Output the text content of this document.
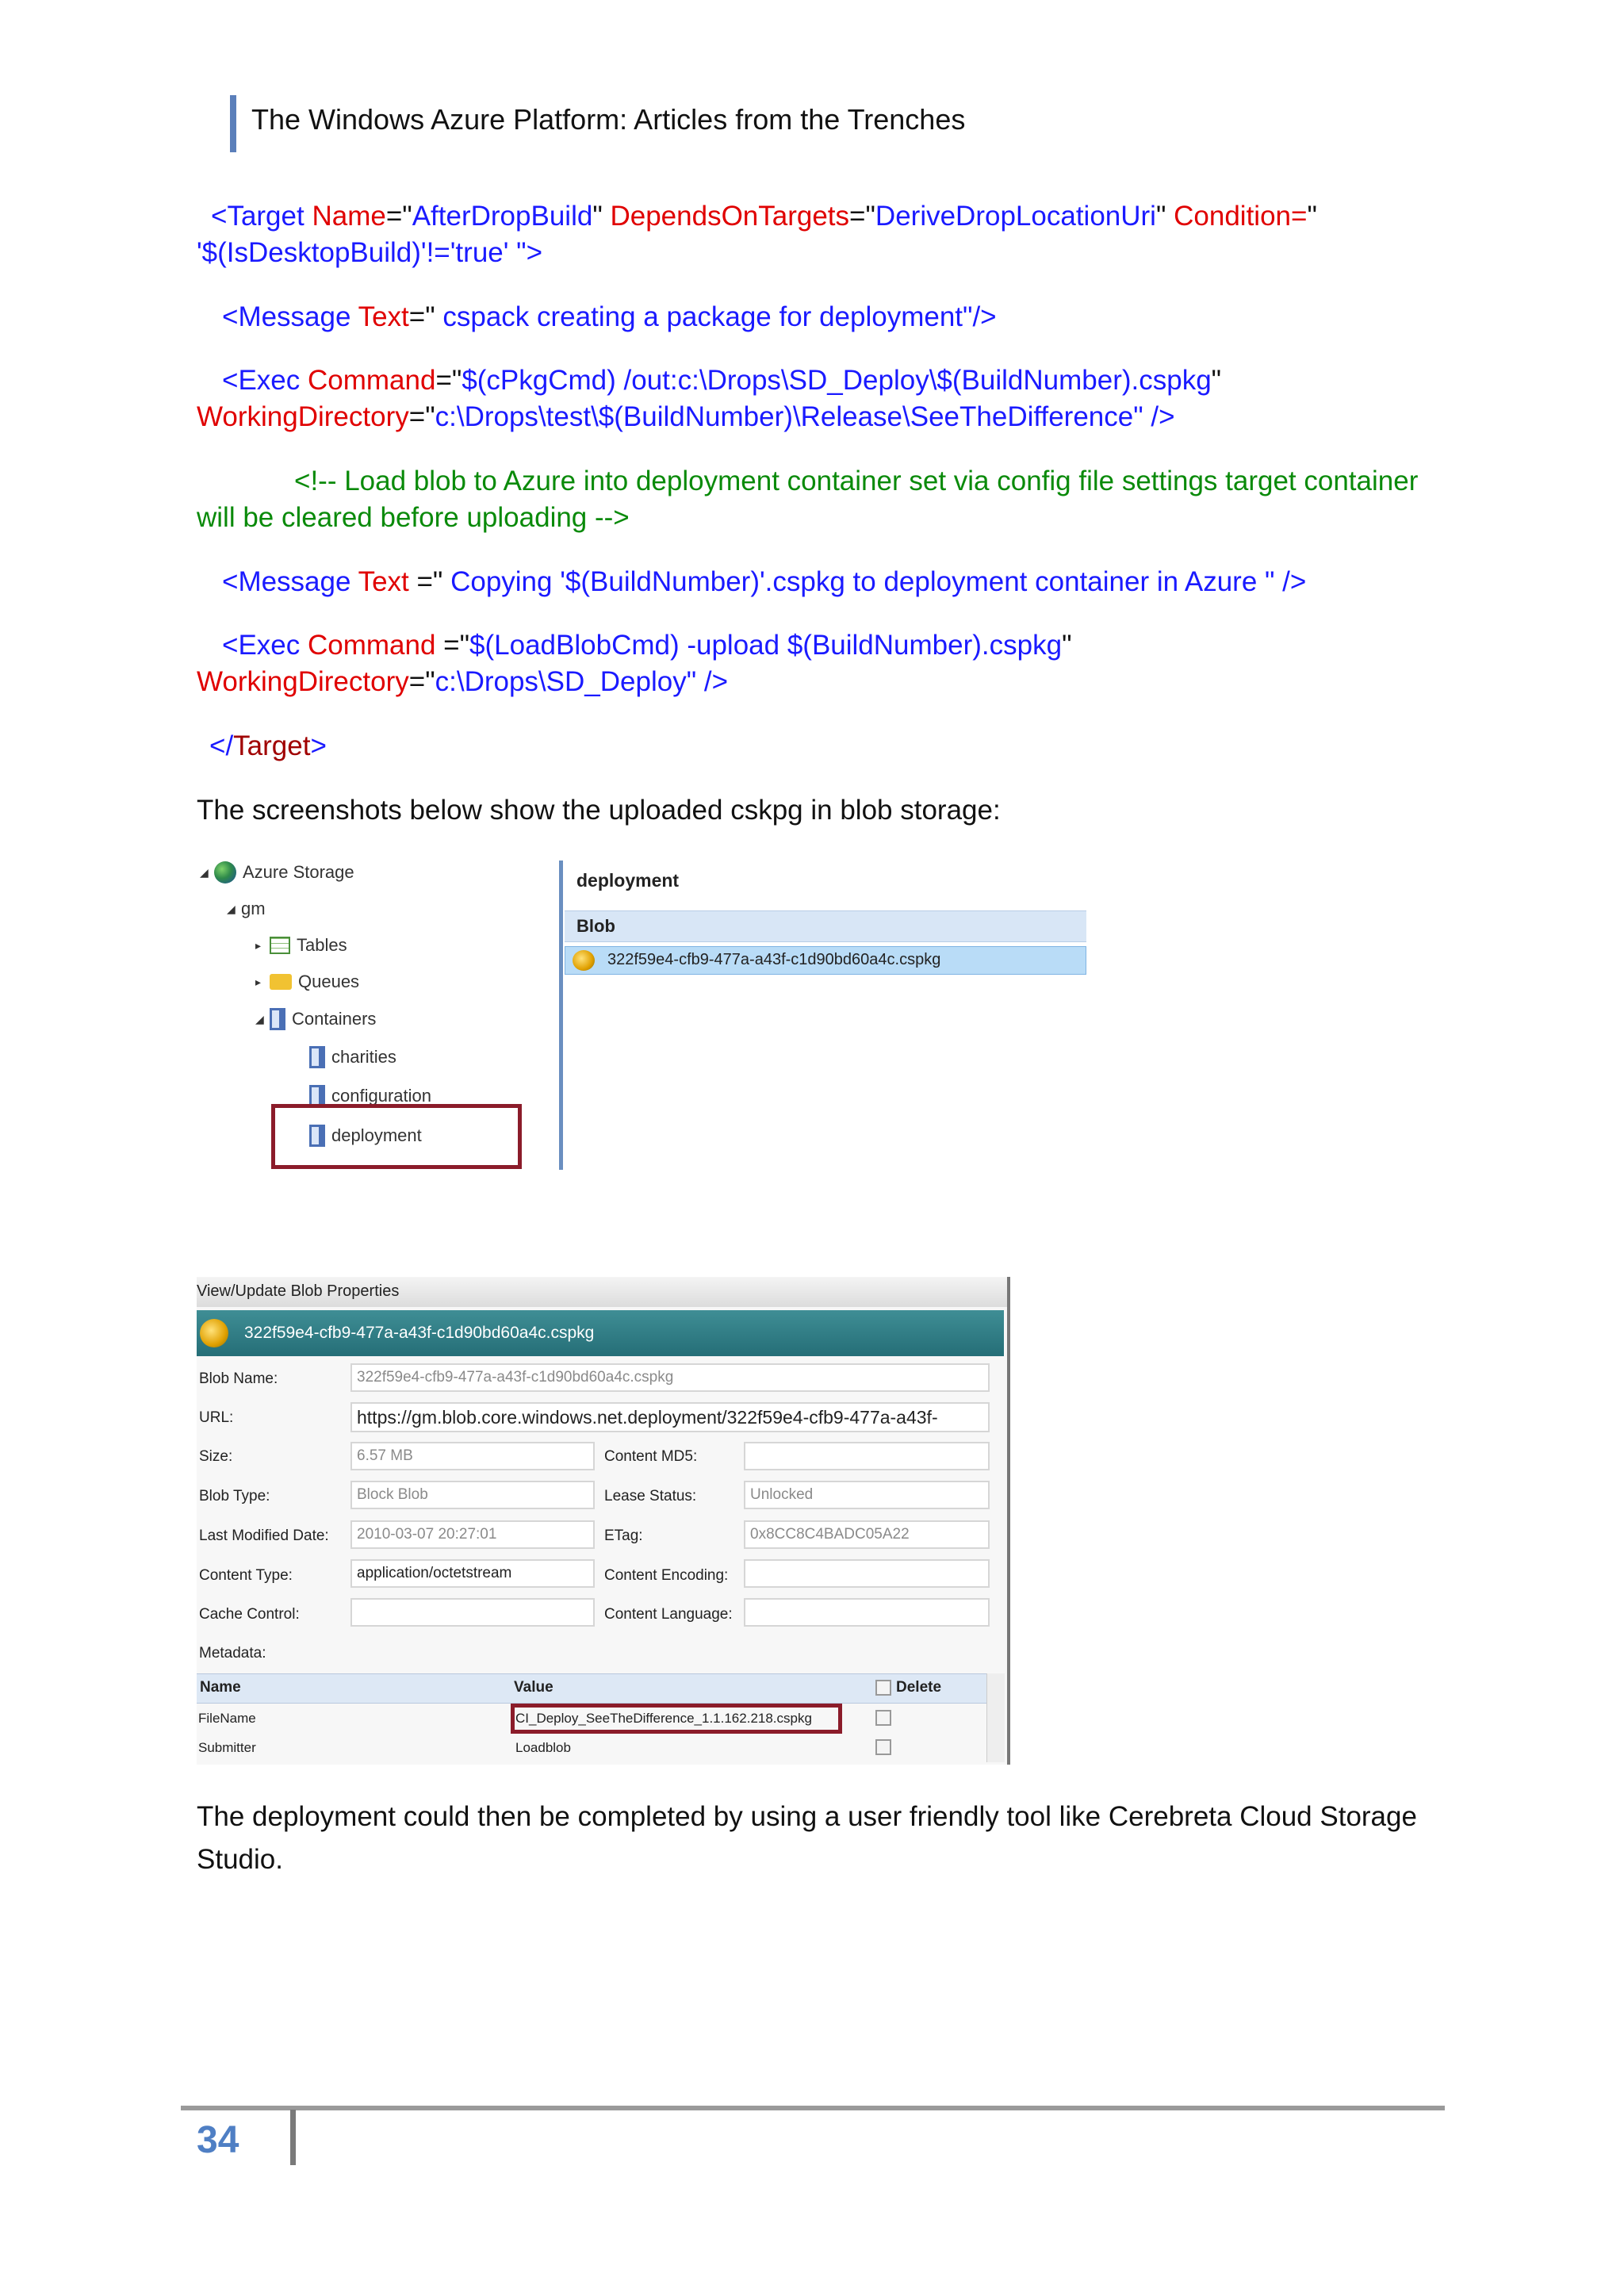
The Windows Azure Platform: Articles from the Trenches
<Target Name="AfterDropBuild" DependsOnTargets="DeriveDropLocationUri" Condition="
'$(IsDesktopBuild)'!='true' ">
<Message Text=" cspack creating a package for deployment"/>
<Exec Command="$(cPkgCmd) /out:c:\Drops\SD_Deploy\$(BuildNumber).cspkg"
WorkingDirectory="c:\Drops\test\$(BuildNumber)\Release\SeeTheDifference" />
<!-- Load blob to Azure into deployment container set via config file settings target container
will be cleared before uploading -->
<Message Text =" Copying '$(BuildNumber)'.cspkg to deployment container in Azure " />
<Exec Command ="$(LoadBlobCmd) -upload $(BuildNumber).cspkg"
WorkingDirectory="c:\Drops\SD_Deploy" />
</Target>
The screenshots below show the uploaded cskpg in blob storage:
◢	Azure Storage
◢ gm
▸	Tables
▸	Queues
◢	Containers
charities
configuration
deployment
deployment
Blob
322f59e4-cfb9-477a-a43f-c1d90bd60a4c.cspkg
View/Update Blob Properties
322f59e4-cfb9-477a-a43f-c1d90bd60a4c.cspkg
Blob Name:	322f59e4-cfb9-477a-a43f-c1d90bd60a4c.cspkg
URL:	https://gm.blob.core.windows.net.deployment/322f59e4-cfb9-477a-a43f-
Size:	6.57 MB	Content MD5:
Blob Type:	Block Blob	Lease Status:	Unlocked
Last Modified Date:	2010-03-07 20:27:01	ETag:	0x8CC8C4BADC05A22
Content Type:	application/octetstream	Content Encoding:
Cache Control:	Content Language:
Metadata:
Name	Value	Delete
FileName	CI_Deploy_SeeTheDifference_1.1.162.218.cspkg
Submitter	Loadblob
The deployment could then be completed by using a user friendly tool like Cerebreta Cloud Storage Studio.
34
